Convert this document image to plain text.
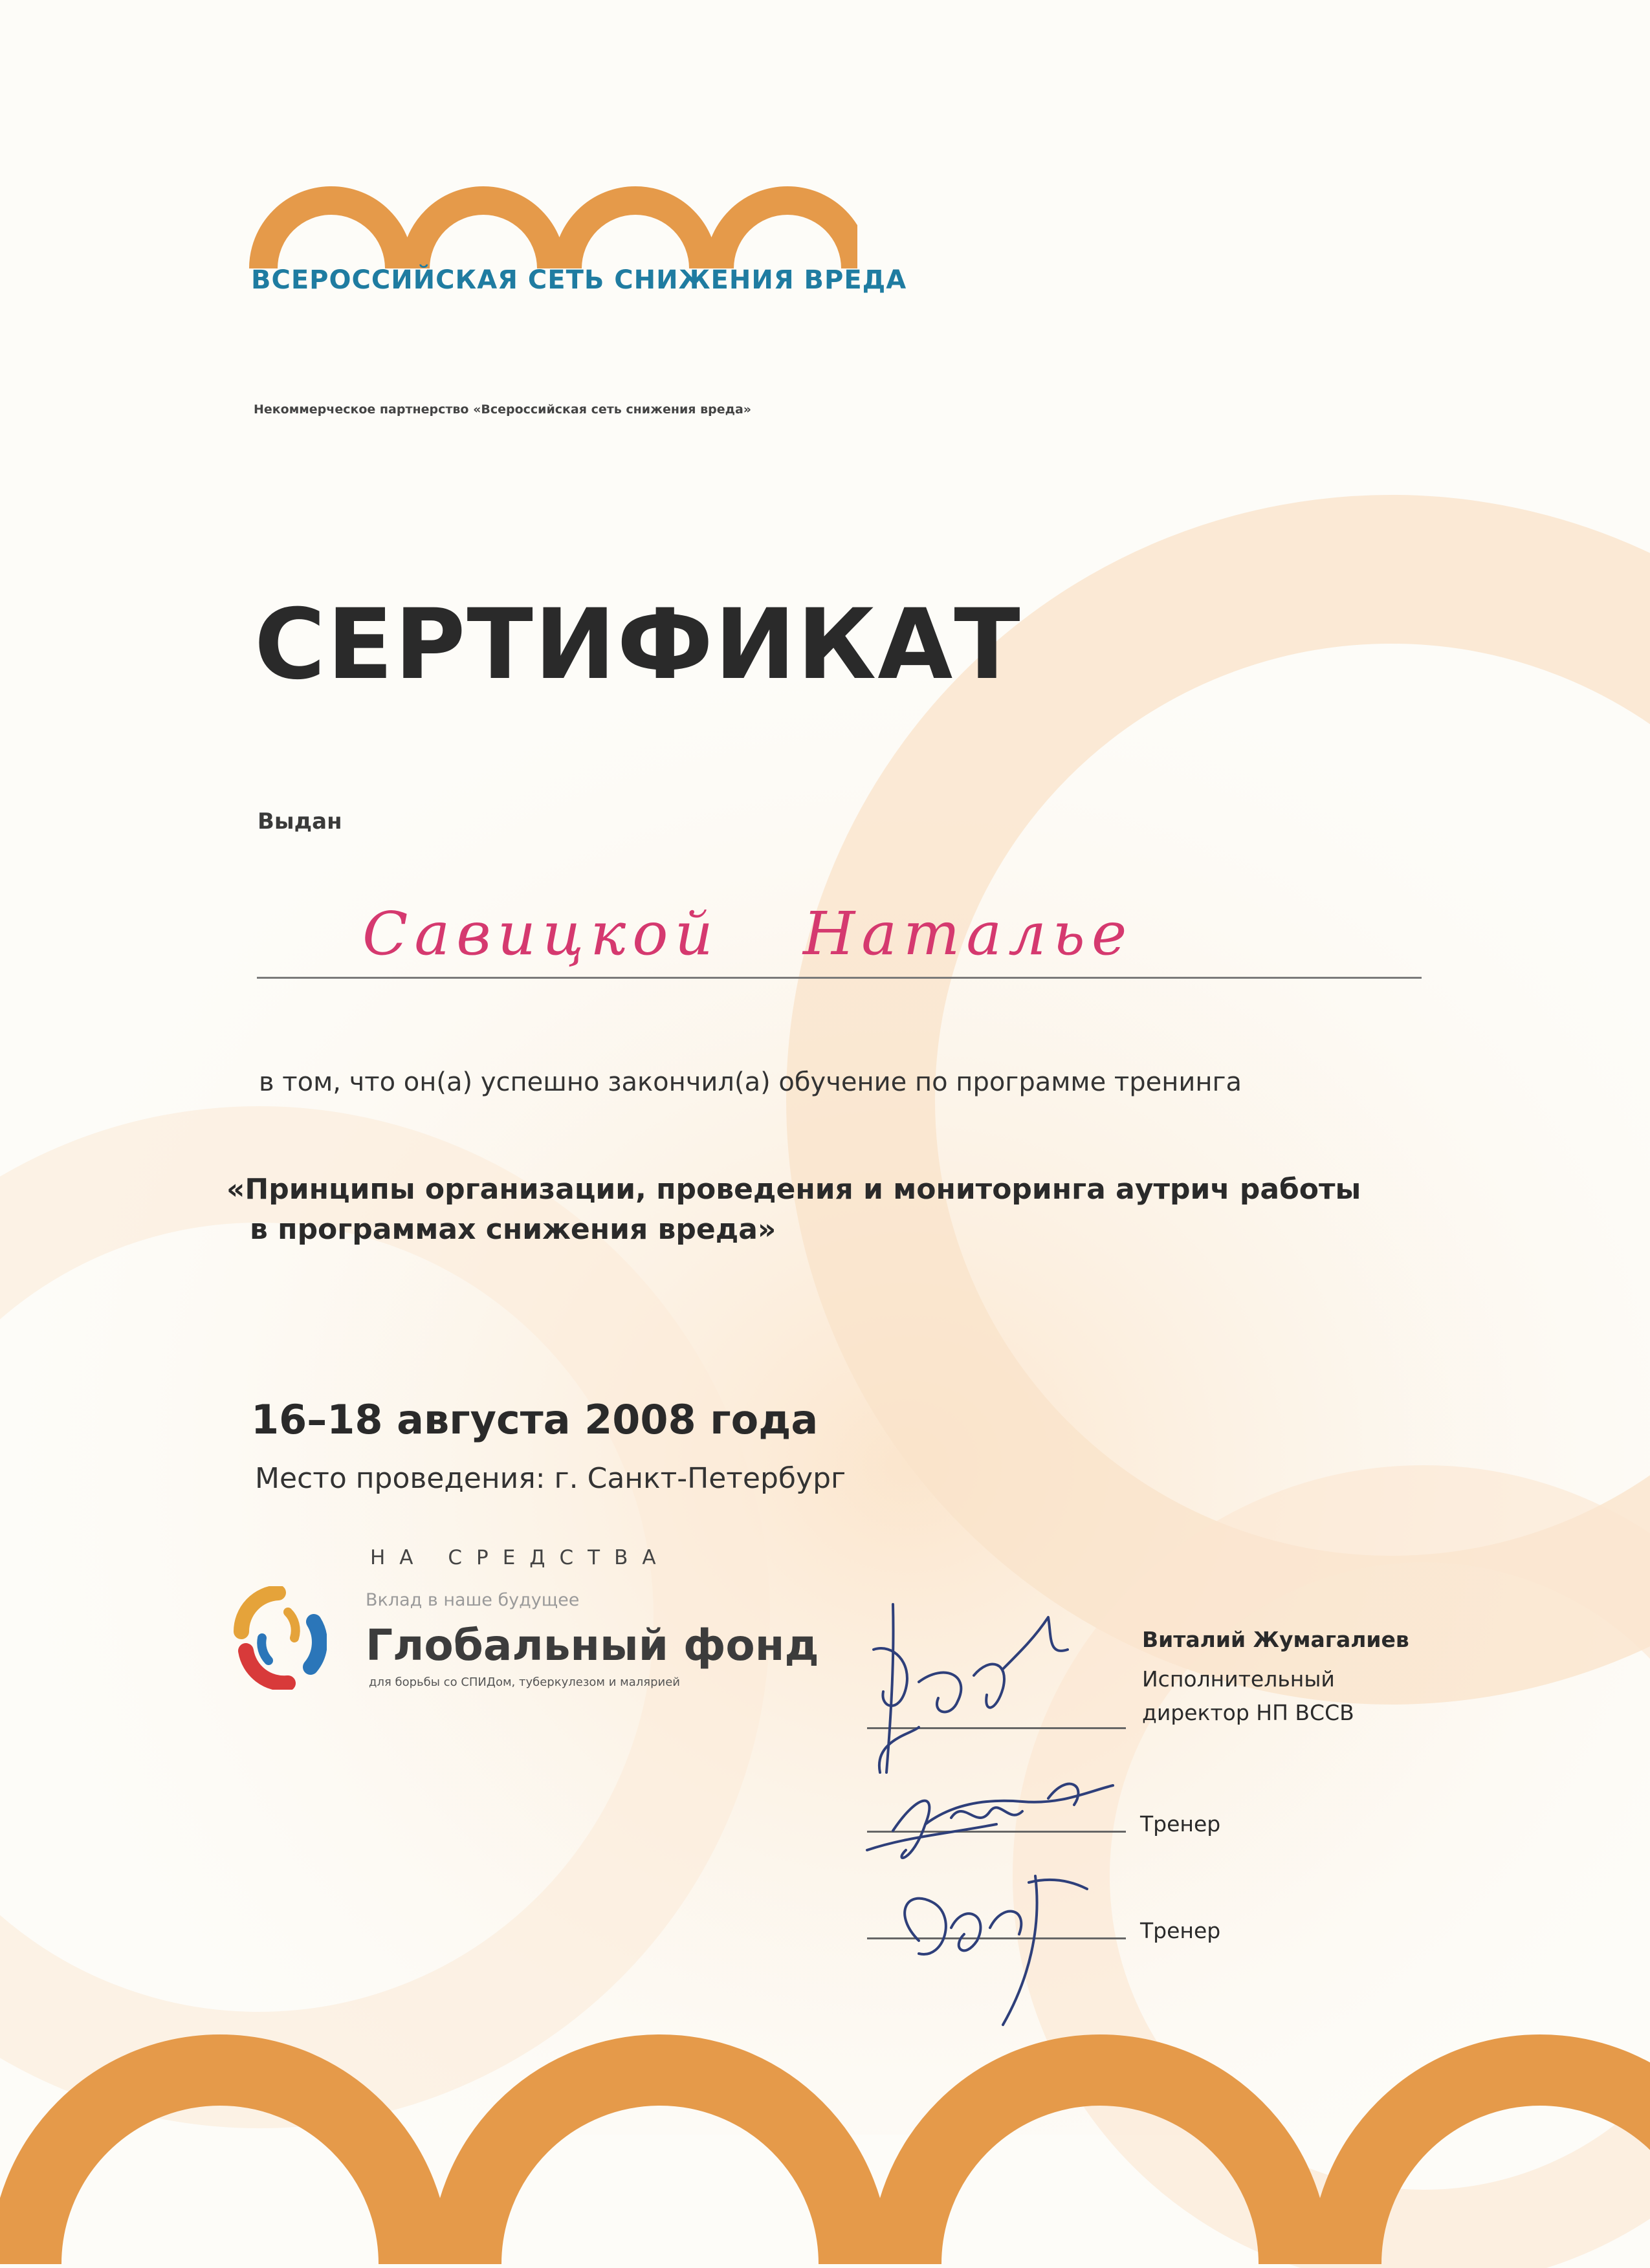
ВСЕРОССИЙСКАЯ СЕТЬ СНИЖЕНИЯ ВРЕДА
Некоммерческое партнерство «Всероссийская сеть снижения вреда»
СЕРТИФИКАТ
Выдан
Савицкой Наталье
в том, что он(а) успешно закончил(а) обучение по программе тренинга
«Принципы организации, проведения и мониторинга аутрич работы
в программах снижения вреда»
16–18 августа 2008 года
Место проведения: г. Санкт-Петербург
НА СРЕДСТВА
Вклад в наше будущее
Глобальный фонд
для борьбы со СПИДом, туберкулезом и малярией
Виталий Жумагалиев
Исполнительный директор НП ВССВ
Тренер
Тренер
